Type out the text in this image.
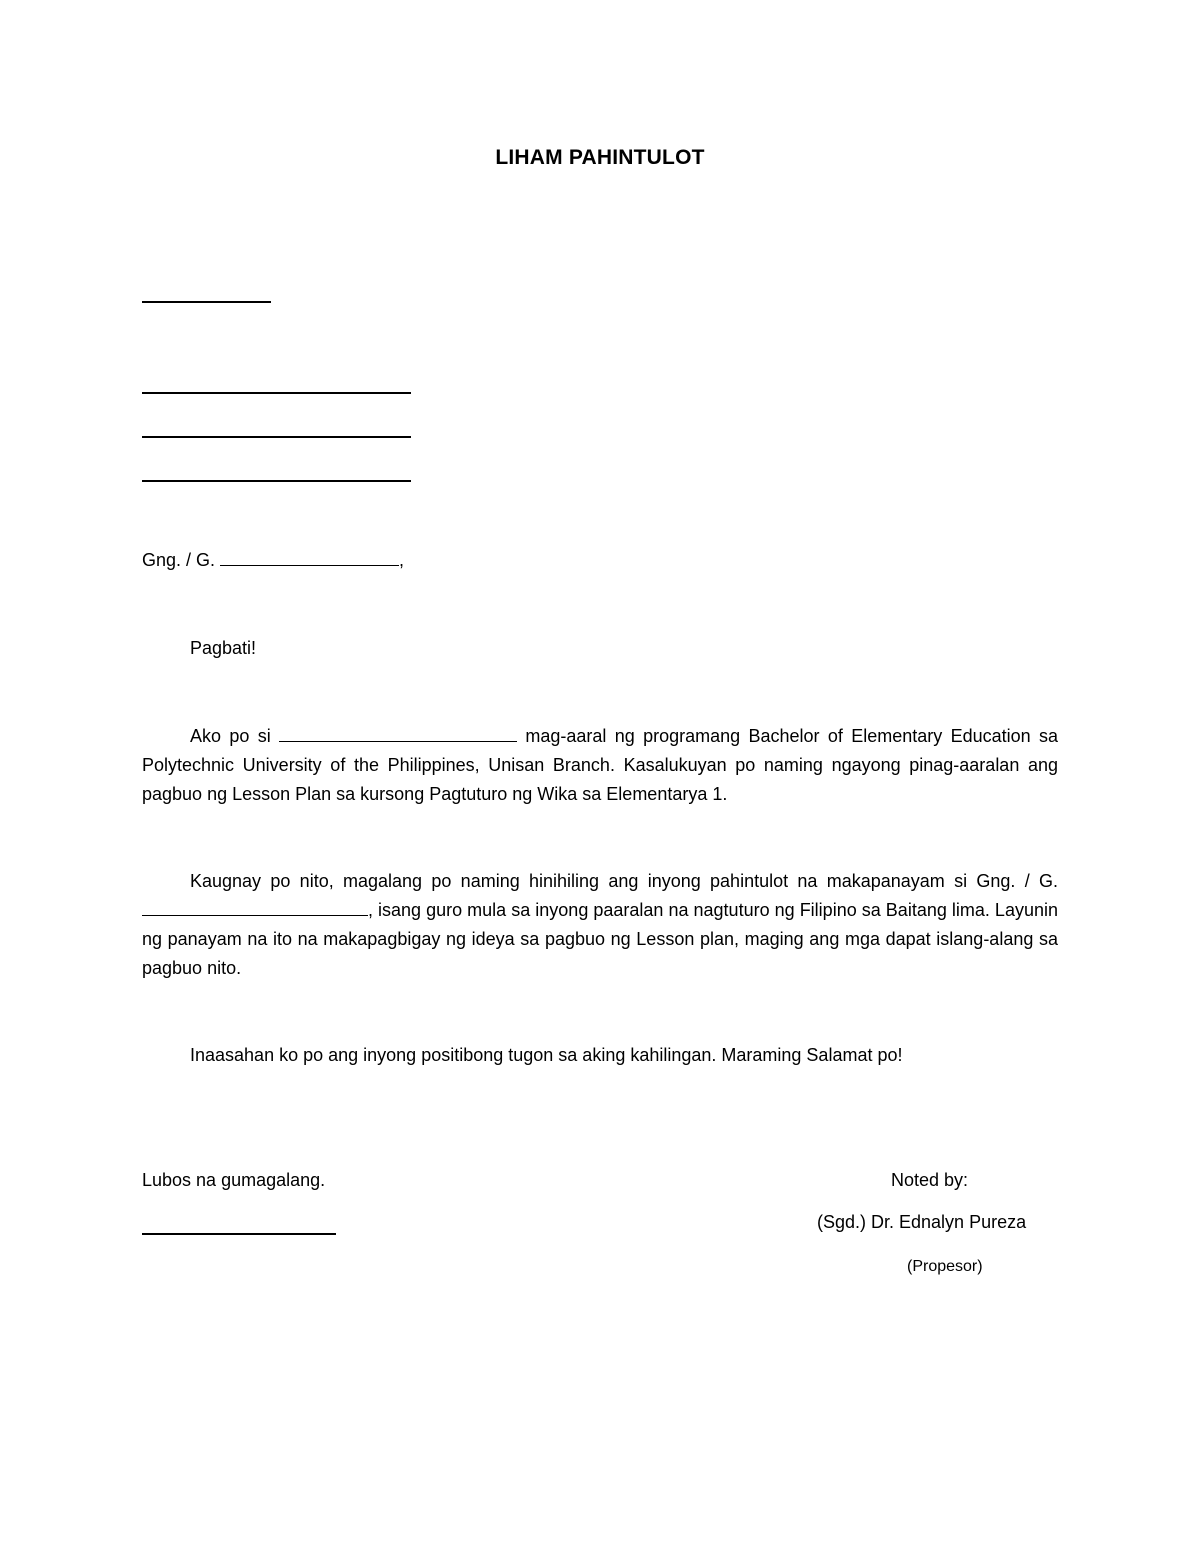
LIHAM PAHINTULOT
Gng. / G.	,
Pagbati!
Ako po si	mag-aaral ng programang Bachelor of Elementary Education sa Polytechnic University of the Philippines, Unisan Branch. Kasalukuyan po naming ngayong pinag-aaralan ang pagbuo ng Lesson Plan sa kursong Pagtuturo ng Wika sa Elementarya 1.
Kaugnay po nito, magalang po naming hinihiling ang inyong pahintulot na makapanayam si Gng. / G. , isang guro mula sa inyong paaralan na nagtuturo ng Filipino sa Baitang lima. Layunin ng panayam na ito na makapagbigay ng ideya sa pagbuo ng Lesson plan, maging ang mga dapat islang-alang sa pagbuo nito.
Inaasahan ko po ang inyong positibong tugon sa aking kahilingan. Maraming Salamat po!
Lubos na gumagalang.	Noted by:
(Sgd.) Dr. Ednalyn Pureza
(Propesor)
